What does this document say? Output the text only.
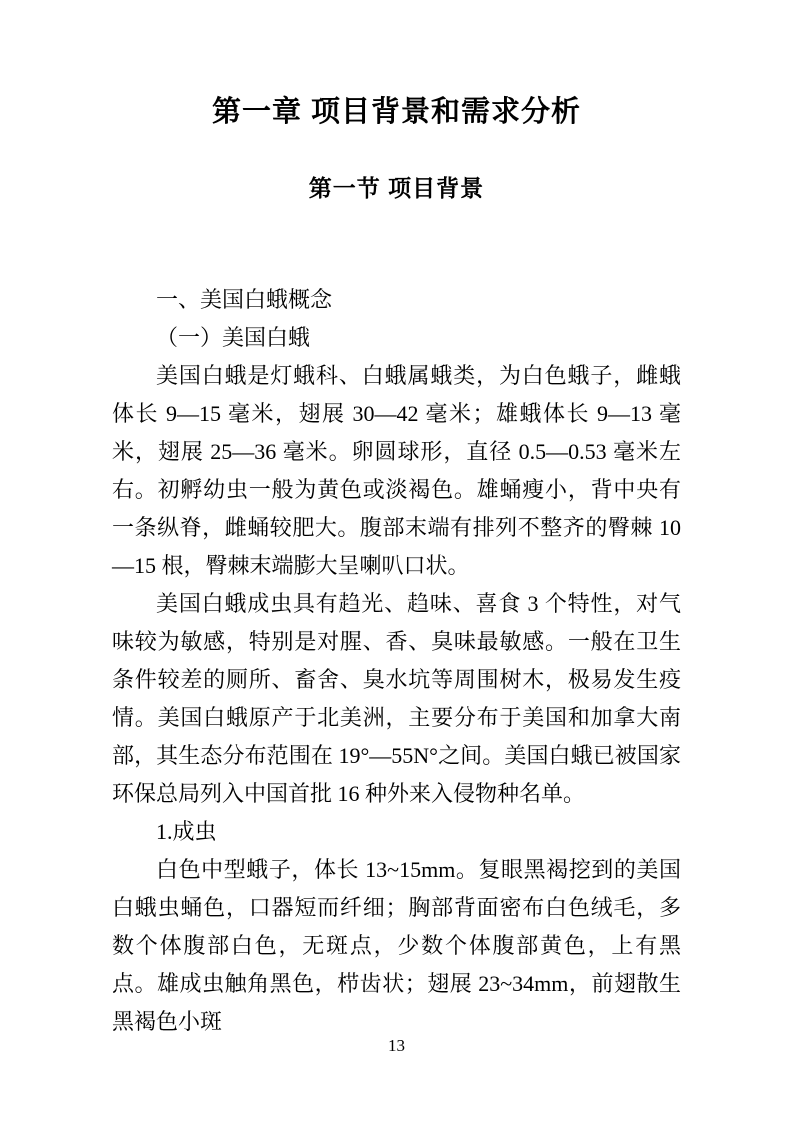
第一章 项目背景和需求分析
第一节 项目背景

一、美国白蛾概念

（一）美国白蛾

美国白蛾是灯蛾科、白蛾属蛾类，为白色蛾子，雌蛾体长 9—15 毫米，翅展 30—42 毫米；雄蛾体长 9—13 毫米，翅展 25—36 毫米。卵圆球形，直径 0.5—0.53 毫米左右。初孵幼虫一般为黄色或淡褐色。雄蛹瘦小，背中央有一条纵脊，雌蛹较肥大。腹部末端有排列不整齐的臀棘 10—15 根，臀棘末端膨大呈喇叭口状。

美国白蛾成虫具有趋光、趋味、喜食 3 个特性，对气味较为敏感，特别是对腥、香、臭味最敏感。一般在卫生条件较差的厕所、畜舍、臭水坑等周围树木，极易发生疫情。美国白蛾原产于北美洲，主要分布于美国和加拿大南部，其生态分布范围在 19°—55N°之间。美国白蛾已被国家环保总局列入中国首批 16 种外来入侵物种名单。

1.成虫

白色中型蛾子，体长 13~15mm。复眼黑褐挖到的美国白蛾虫蛹色，口器短而纤细；胸部背面密布白色绒毛，多数个体腹部白色，无斑点，少数个体腹部黄色，上有黑点。雄成虫触角黑色，栉齿状；翅展 23~34mm，前翅散生黑褐色小斑

13
